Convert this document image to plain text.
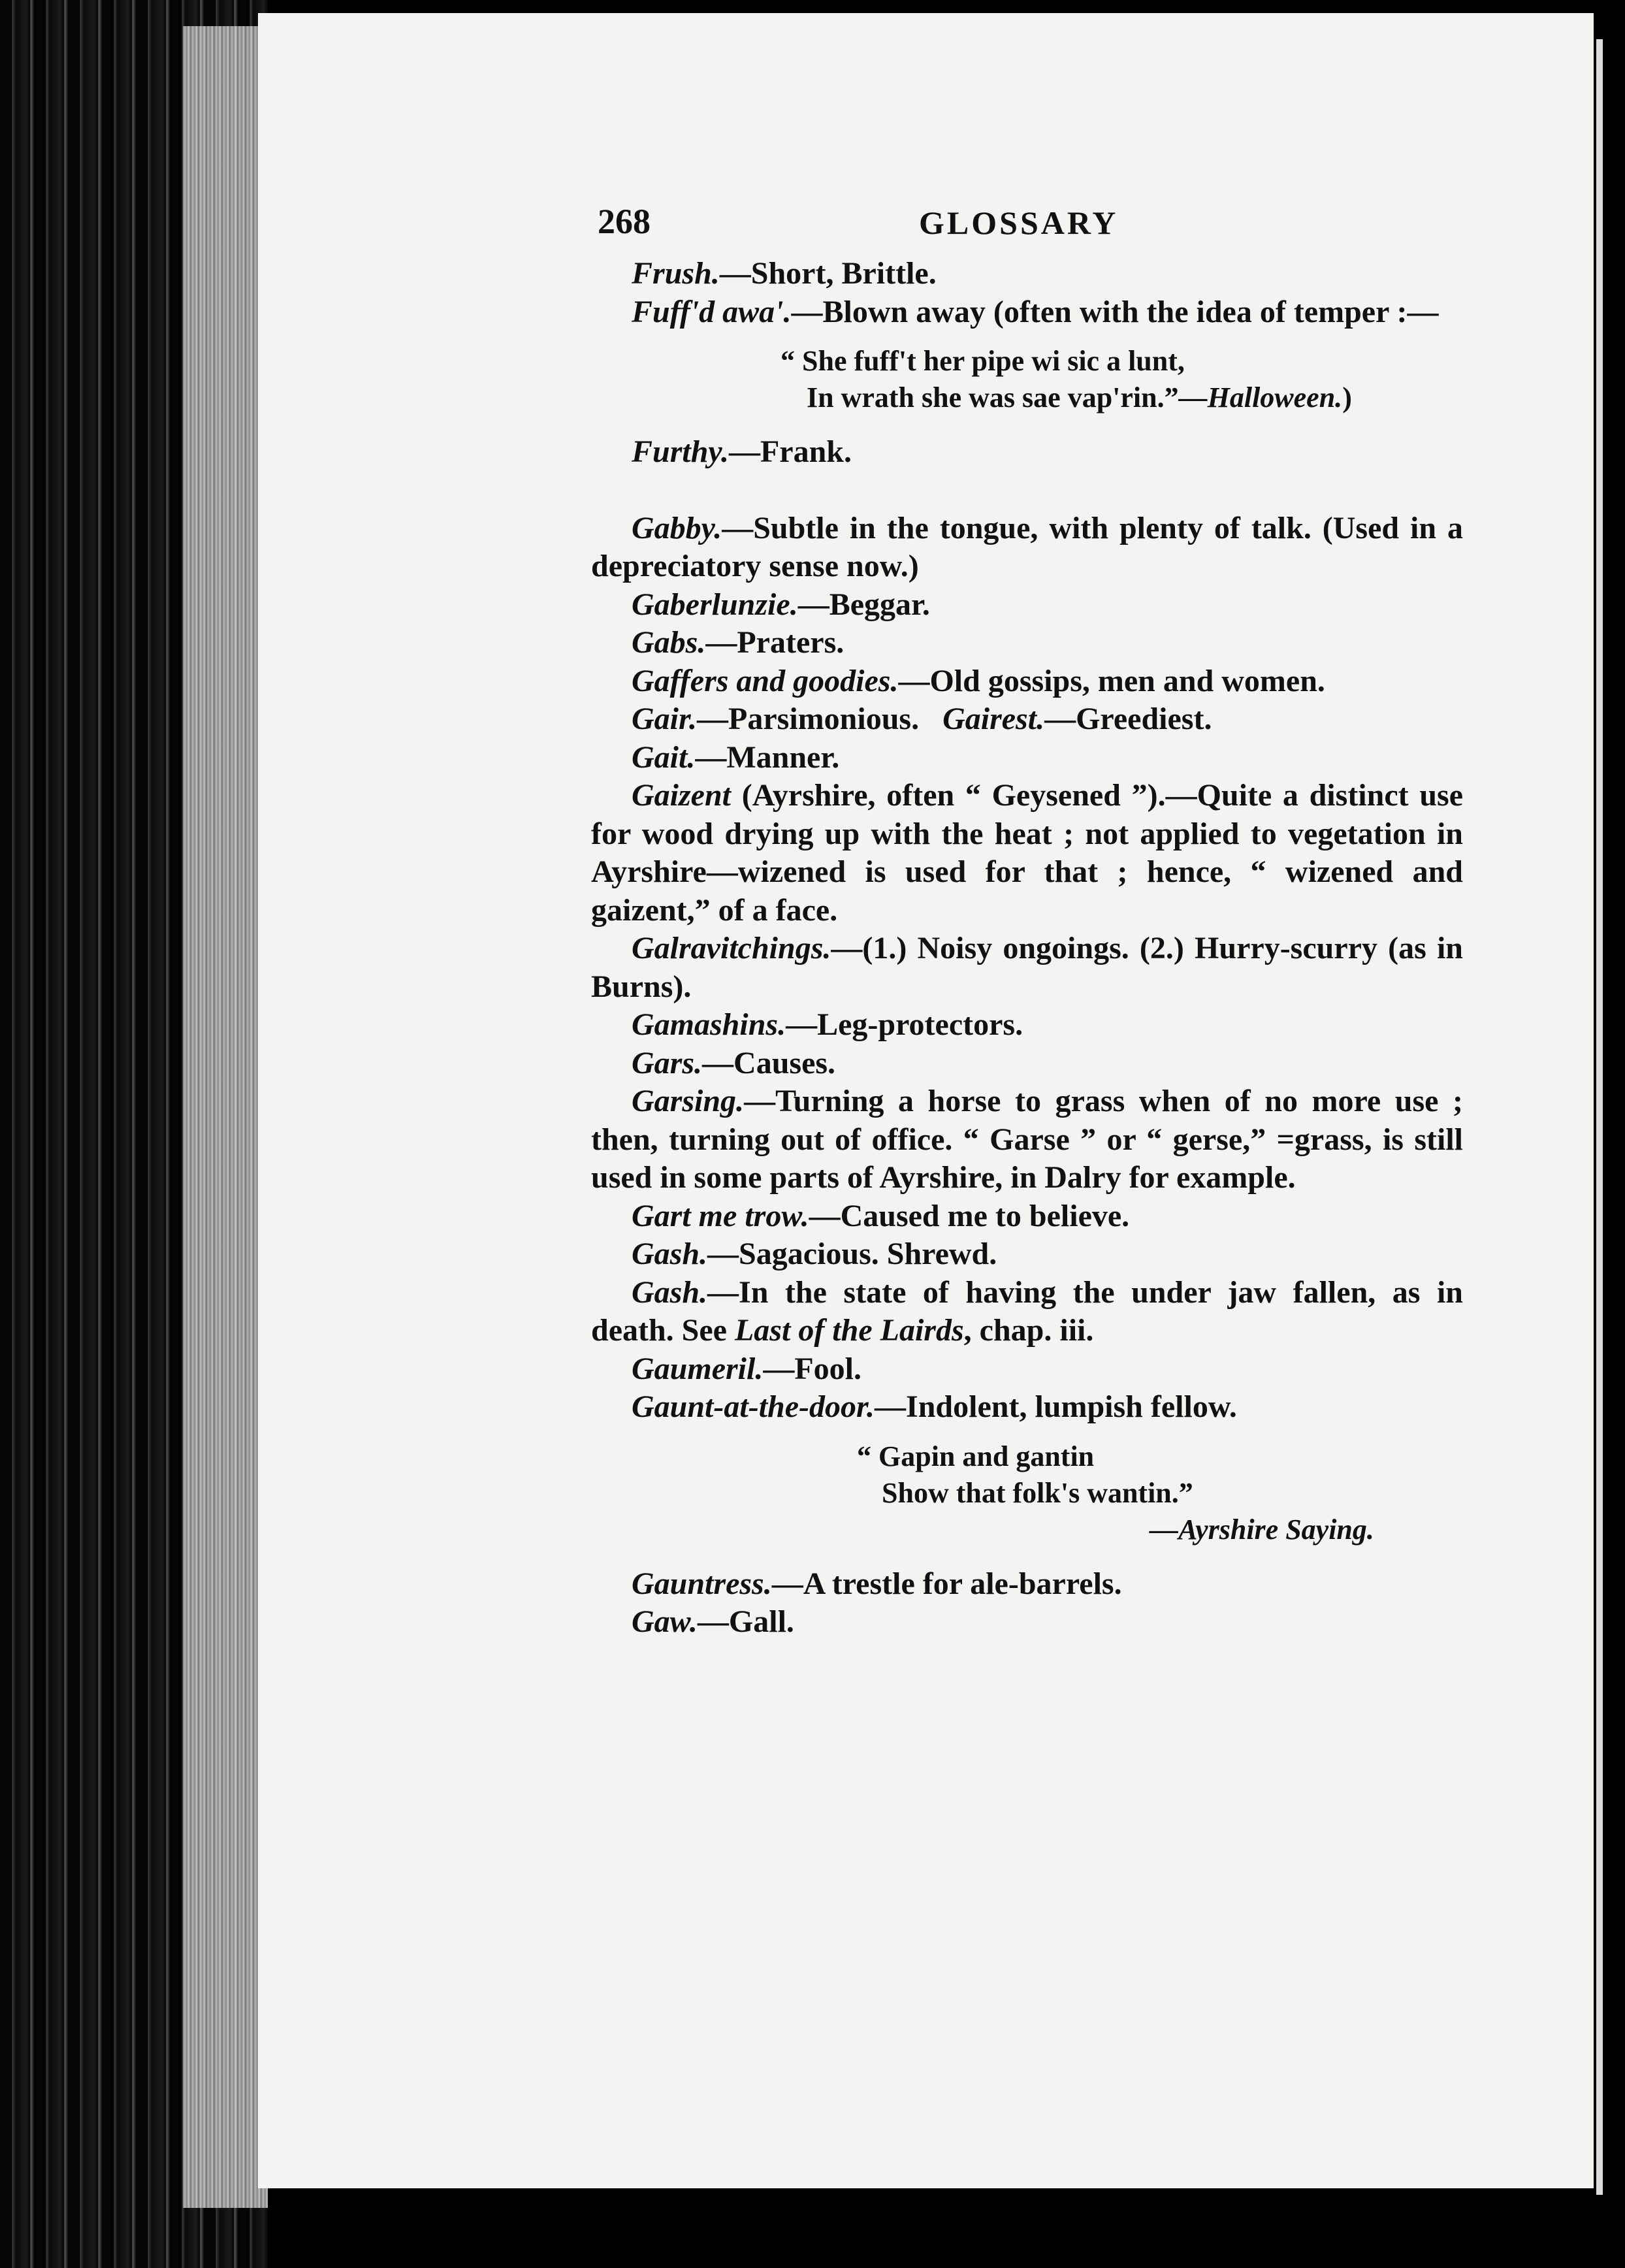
268	GLOSSARY

Frush.—Short, Brittle.

Fuff'd awa'.—Blown away (often with the idea of temper :—

“ She fuff't her pipe wi sic a lunt,
In wrath she was sae vap'rin.”—Halloween.)

Furthy.—Frank.

Gabby.—Subtle in the tongue, with plenty of talk. (Used in a depreciatory sense now.)

Gaberlunzie.—Beggar.

Gabs.—Praters.

Gaffers and goodies.—Old gossips, men and women.

Gair.—Parsimonious. Gairest.—Greediest.

Gait.—Manner.

Gaizent (Ayrshire, often “ Geysened ”).—Quite a distinct use for wood drying up with the heat ; not applied to vegetation in Ayrshire—wizened is used for that ; hence, “ wizened and gaizent,” of a face.

Galravitchings.—(1.) Noisy ongoings. (2.) Hurry-scurry (as in Burns).

Gamashins.—Leg-protectors.

Gars.—Causes.

Garsing.—Turning a horse to grass when of no more use ; then, turning out of office. “ Garse ” or “ gerse,” =grass, is still used in some parts of Ayrshire, in Dalry for example.

Gart me trow.—Caused me to believe.

Gash.—Sagacious. Shrewd.

Gash.—In the state of having the under jaw fallen, as in death. See Last of the Lairds, chap. iii.

Gaumeril.—Fool.

Gaunt-at-the-door.—Indolent, lumpish fellow.

“ Gapin and gantin
Show that folk's wantin.”
—Ayrshire Saying.

Gauntress.—A trestle for ale-barrels.

Gaw.—Gall.
